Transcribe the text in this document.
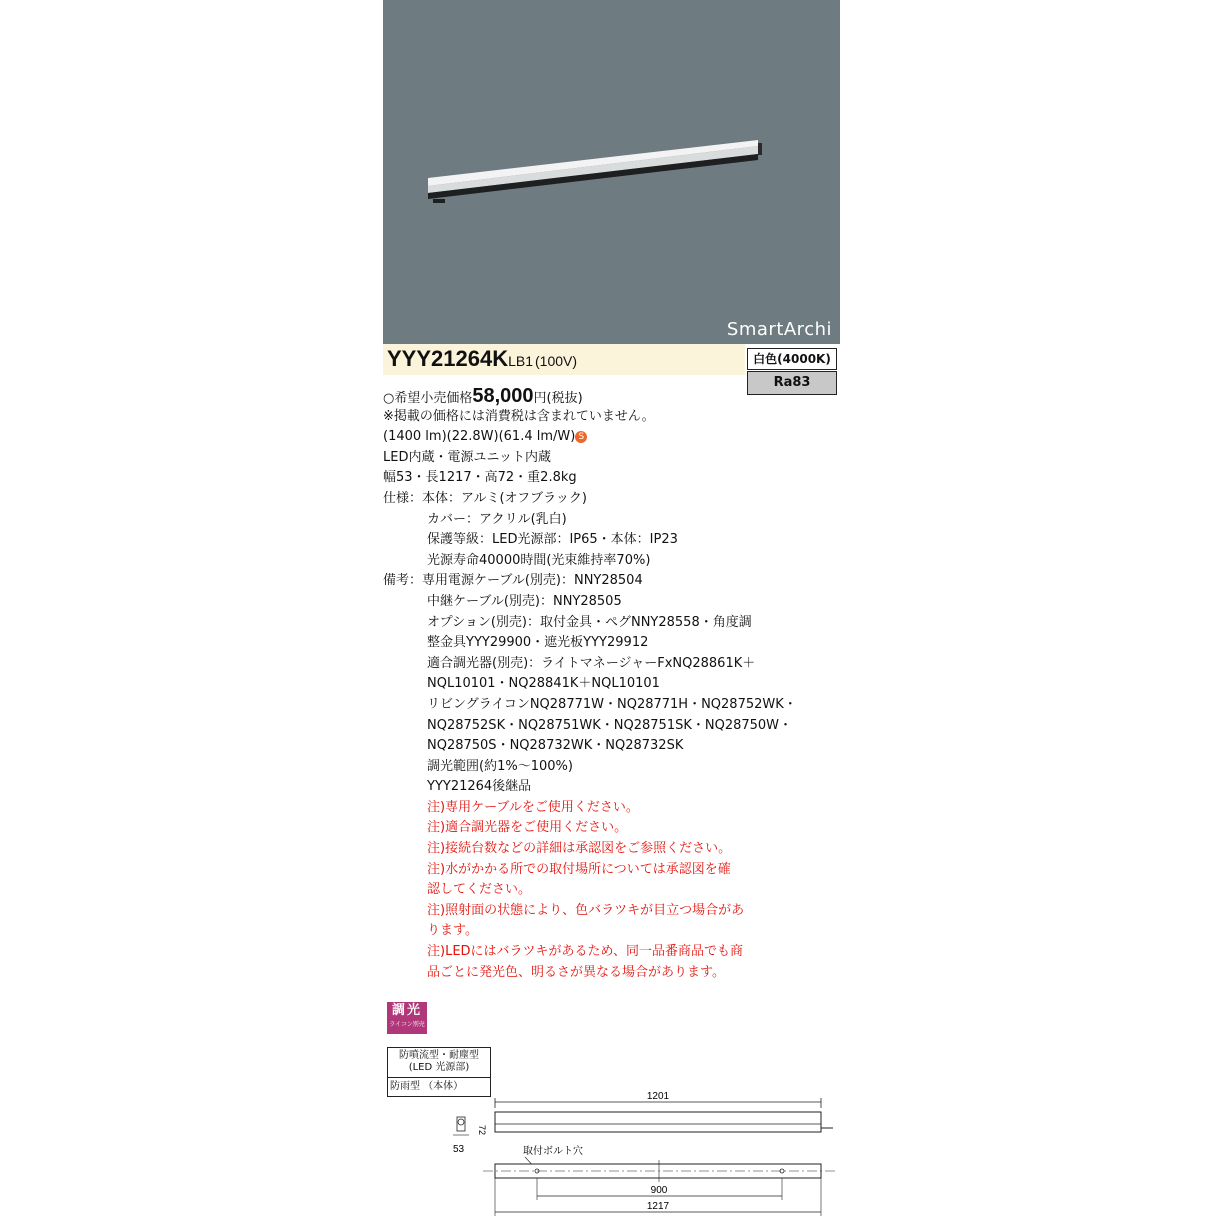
SmartArchi
YYY21264KLB1 (100V)	白色(4000K)
Ra83
○希望小売価格58,000円(税抜)
※掲載の価格には消費税は含まれていません。
(1400 lm)(22.8W)(61.4 lm/W) S
LED内蔵・電源ユニット内蔵
幅53・長1217・高72・重2.8kg
仕様：本体：アルミ(オフブラック)
カバー：アクリル(乳白)
保護等級：LED光源部：IP65・本体：IP23
光源寿命40000時間(光束維持率70%)
備考：専用電源ケーブル(別売)：NNY28504
中継ケーブル(別売)：NNY28505
オプション(別売)：取付金具・ペグNNY28558・角度調
整金具YYY29900・遮光板YYY29912
適合調光器(別売)：ライトマネージャーFxNQ28861K＋
NQL10101・NQ28841K＋NQL10101
リビングライコンNQ28771W・NQ28771H・NQ28752WK・
NQ28752SK・NQ28751WK・NQ28751SK・NQ28750W・
NQ28750S・NQ28732WK・NQ28732SK
調光範囲(約1%〜100%)
YYY21264後継品
注)専用ケーブルをご使用ください。
注)適合調光器をご使用ください。
注)接続台数などの詳細は承認図をご参照ください。
注)水がかかる所での取付場所については承認図を確
認してください。
注)照射面の状態により、色バラツキが目立つ場合があ
ります。
注)LEDにはバラツキがあるため、同一品番商品でも商
品ごとに発光色、明るさが異なる場合があります。
調光
ライコン別売
防噴流型・耐塵型
(LED 光源部)
防雨型 （本体）
1201
72
53	取付ボルト穴
900
1217
